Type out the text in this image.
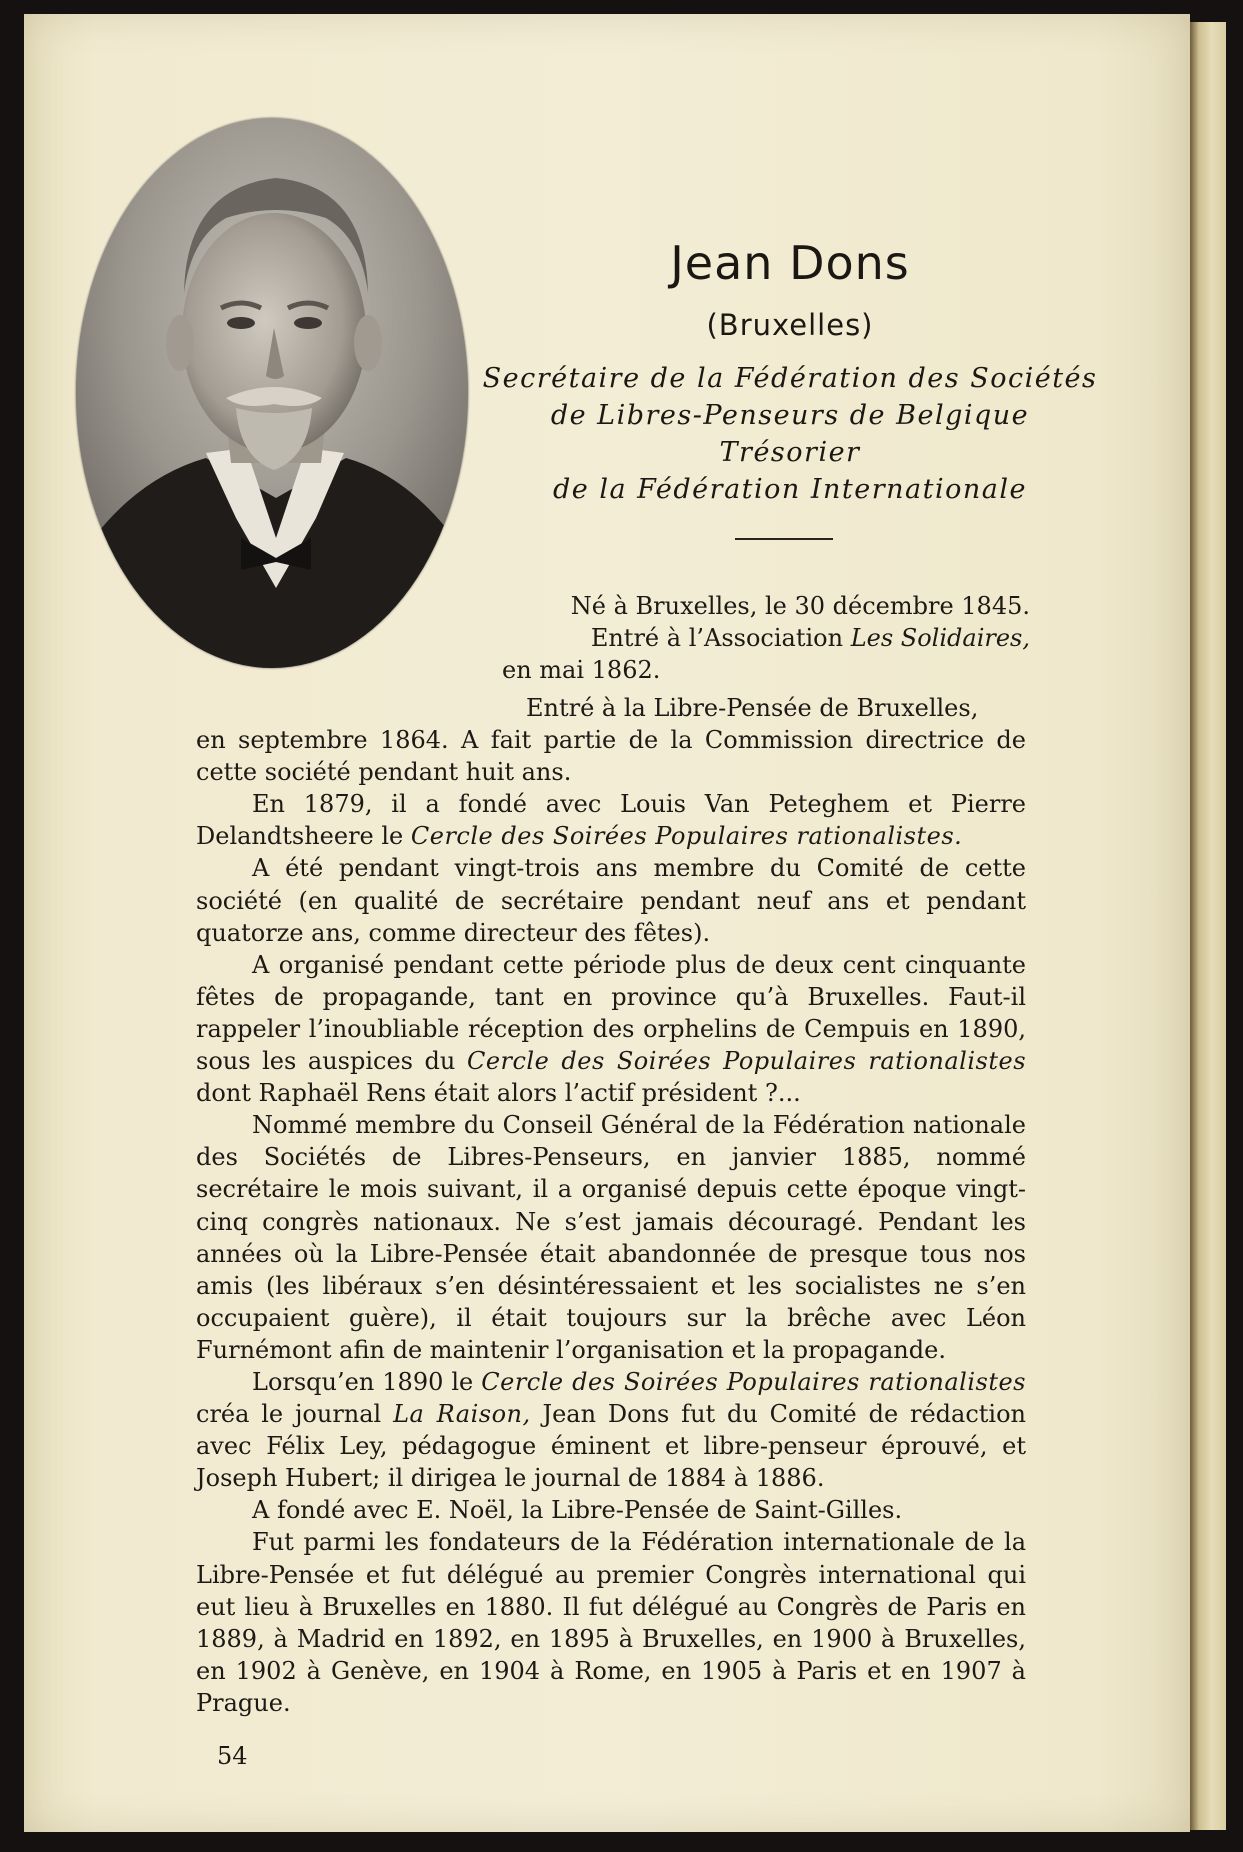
Jean Dons
(Bruxelles)
Secrétaire de la Fédération des Sociétés
de Libres-Penseurs de Belgique
Trésorier
de la Fédération Internationale
Né à Bruxelles, le 30 décembre 1845.
Entré à l’Association Les Solidaires,
en mai 1862.

Entré à la Libre-Pensée de Bruxelles,

en septembre 1864. A fait partie de la Commission directrice de cette société pendant huit ans.

En 1879, il a fondé avec Louis Van Peteghem et Pierre Delandtsheere le Cercle des Soirées Populaires rationalistes.

A été pendant vingt-trois ans membre du Comité de cette société (en qualité de secrétaire pendant neuf ans et pendant quatorze ans, comme directeur des fêtes).

A organisé pendant cette période plus de deux cent cinquante fêtes de propagande, tant en province qu’à Bruxelles. Faut-il rappeler l’inoubliable réception des orphelins de Cempuis en 1890, sous les auspices du Cercle des Soirées Populaires rationalistes dont Raphaël Rens était alors l’actif président ?...

Nommé membre du Conseil Général de la Fédération nationale des Sociétés de Libres-Penseurs, en janvier 1885, nommé secrétaire le mois suivant, il a organisé depuis cette époque vingt-cinq congrès nationaux. Ne s’est jamais découragé. Pendant les années où la Libre-Pensée était abandonnée de presque tous nos amis (les libéraux s’en désintéressaient et les socialistes ne s’en occupaient guère), il était toujours sur la brêche avec Léon Furnémont afin de maintenir l’organisation et la propagande.

Lorsqu’en 1890 le Cercle des Soirées Populaires rationalistes créa le journal La Raison, Jean Dons fut du Comité de rédaction avec Félix Ley, pédagogue éminent et libre-penseur éprouvé, et Joseph Hubert; il dirigea le journal de 1884 à 1886.

A fondé avec E. Noël, la Libre-Pensée de Saint-Gilles.

Fut parmi les fondateurs de la Fédération internationale de la Libre-Pensée et fut délégué au premier Congrès international qui eut lieu à Bruxelles en 1880. Il fut délégué au Congrès de Paris en 1889, à Madrid en 1892, en 1895 à Bruxelles, en 1900 à Bruxelles, en 1902 à Genève, en 1904 à Rome, en 1905 à Paris et en 1907 à Prague.

54
